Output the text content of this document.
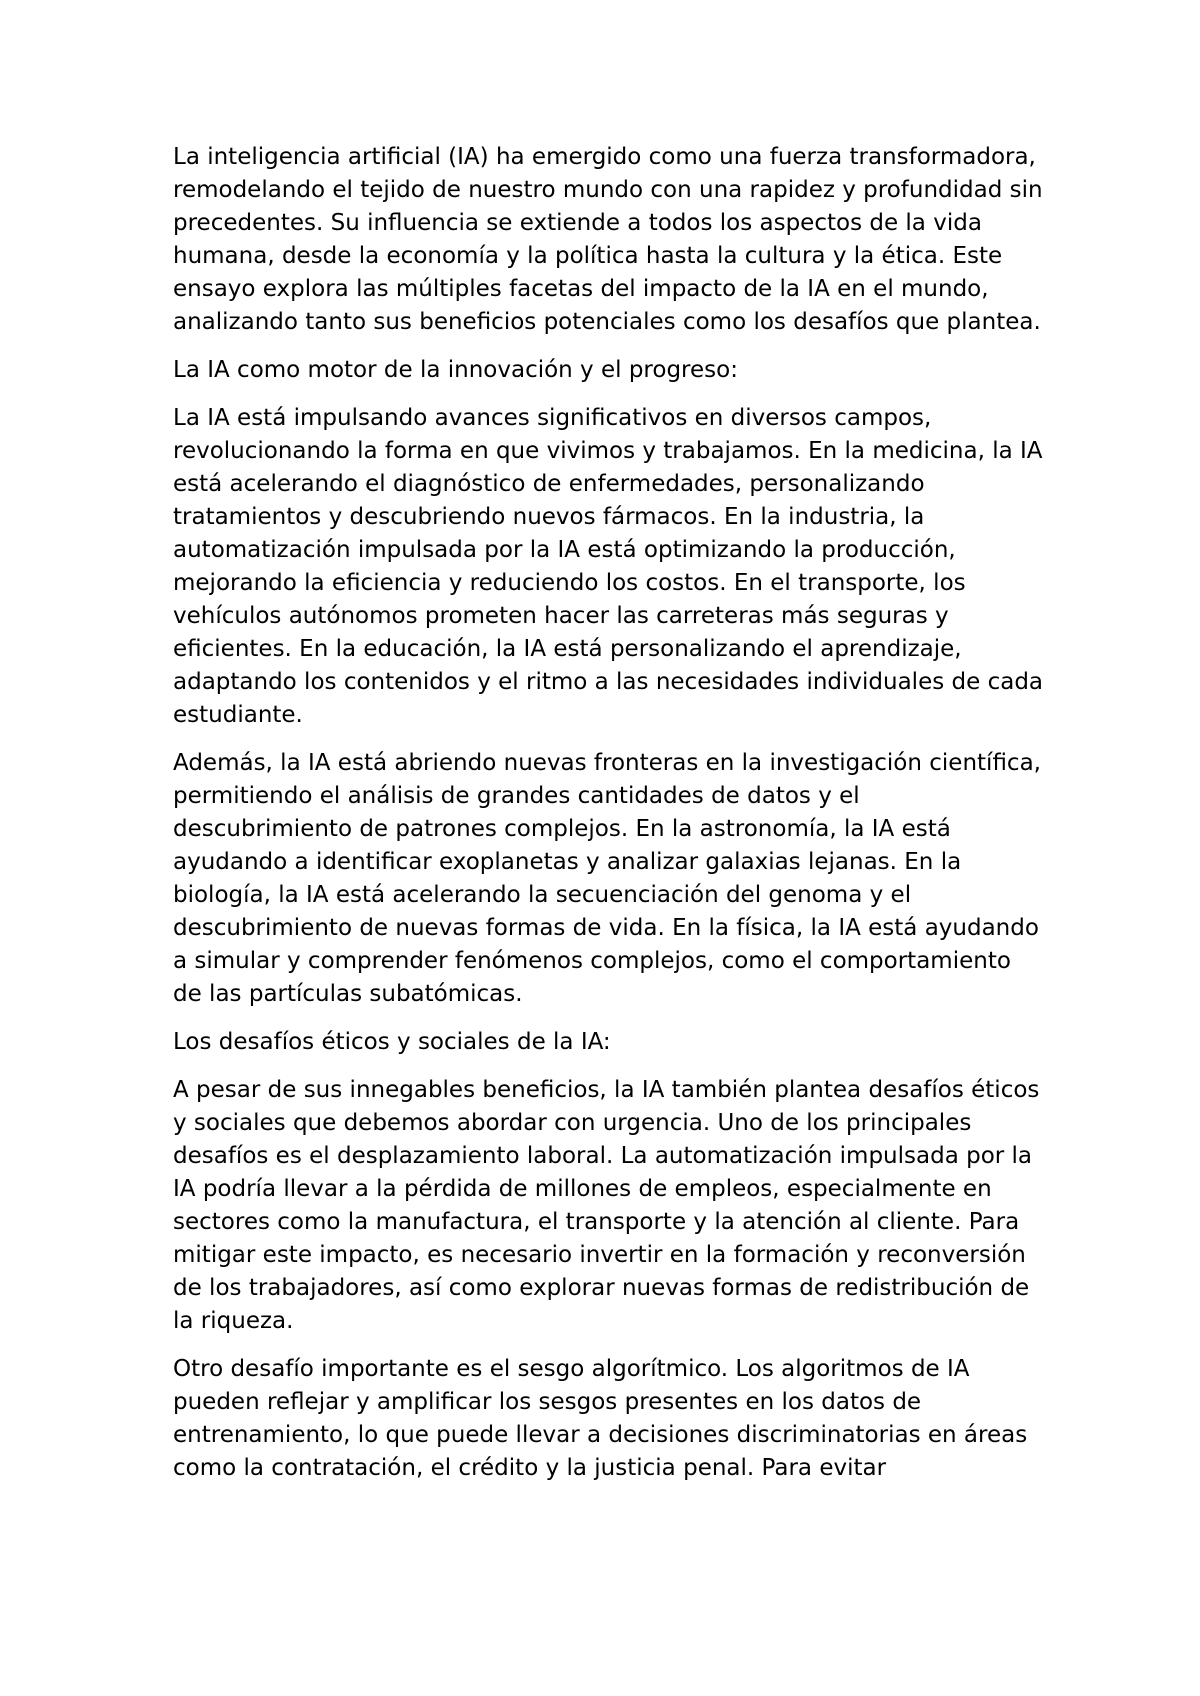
La inteligencia artificial (IA) ha emergido como una fuerza transformadora, remodelando el tejido de nuestro mundo con una rapidez y profundidad sin precedentes. Su influencia se extiende a todos los aspectos de la vida humana, desde la economía y la política hasta la cultura y la ética. Este ensayo explora las múltiples facetas del impacto de la IA en el mundo, analizando tanto sus beneficios potenciales como los desafíos que plantea.

La IA como motor de la innovación y el progreso:

La IA está impulsando avances significativos en diversos campos, revolucionando la forma en que vivimos y trabajamos. En la medicina, la IA está acelerando el diagnóstico de enfermedades, personalizando tratamientos y descubriendo nuevos fármacos. En la industria, la automatización impulsada por la IA está optimizando la producción, mejorando la eficiencia y reduciendo los costos. En el transporte, los vehículos autónomos prometen hacer las carreteras más seguras y eficientes. En la educación, la IA está personalizando el aprendizaje, adaptando los contenidos y el ritmo a las necesidades individuales de cada estudiante.

Además, la IA está abriendo nuevas fronteras en la investigación científica, permitiendo el análisis de grandes cantidades de datos y el descubrimiento de patrones complejos. En la astronomía, la IA está ayudando a identificar exoplanetas y analizar galaxias lejanas. En la biología, la IA está acelerando la secuenciación del genoma y el descubrimiento de nuevas formas de vida. En la física, la IA está ayudando a simular y comprender fenómenos complejos, como el comportamiento de las partículas subatómicas.

Los desafíos éticos y sociales de la IA:

A pesar de sus innegables beneficios, la IA también plantea desafíos éticos y sociales que debemos abordar con urgencia. Uno de los principales desafíos es el desplazamiento laboral. La automatización impulsada por la IA podría llevar a la pérdida de millones de empleos, especialmente en sectores como la manufactura, el transporte y la atención al cliente. Para mitigar este impacto, es necesario invertir en la formación y reconversión de los trabajadores, así como explorar nuevas formas de redistribución de la riqueza.

Otro desafío importante es el sesgo algorítmico. Los algoritmos de IA pueden reflejar y amplificar los sesgos presentes en los datos de entrenamiento, lo que puede llevar a decisiones discriminatorias en áreas como la contratación, el crédito y la justicia penal. Para evitar
